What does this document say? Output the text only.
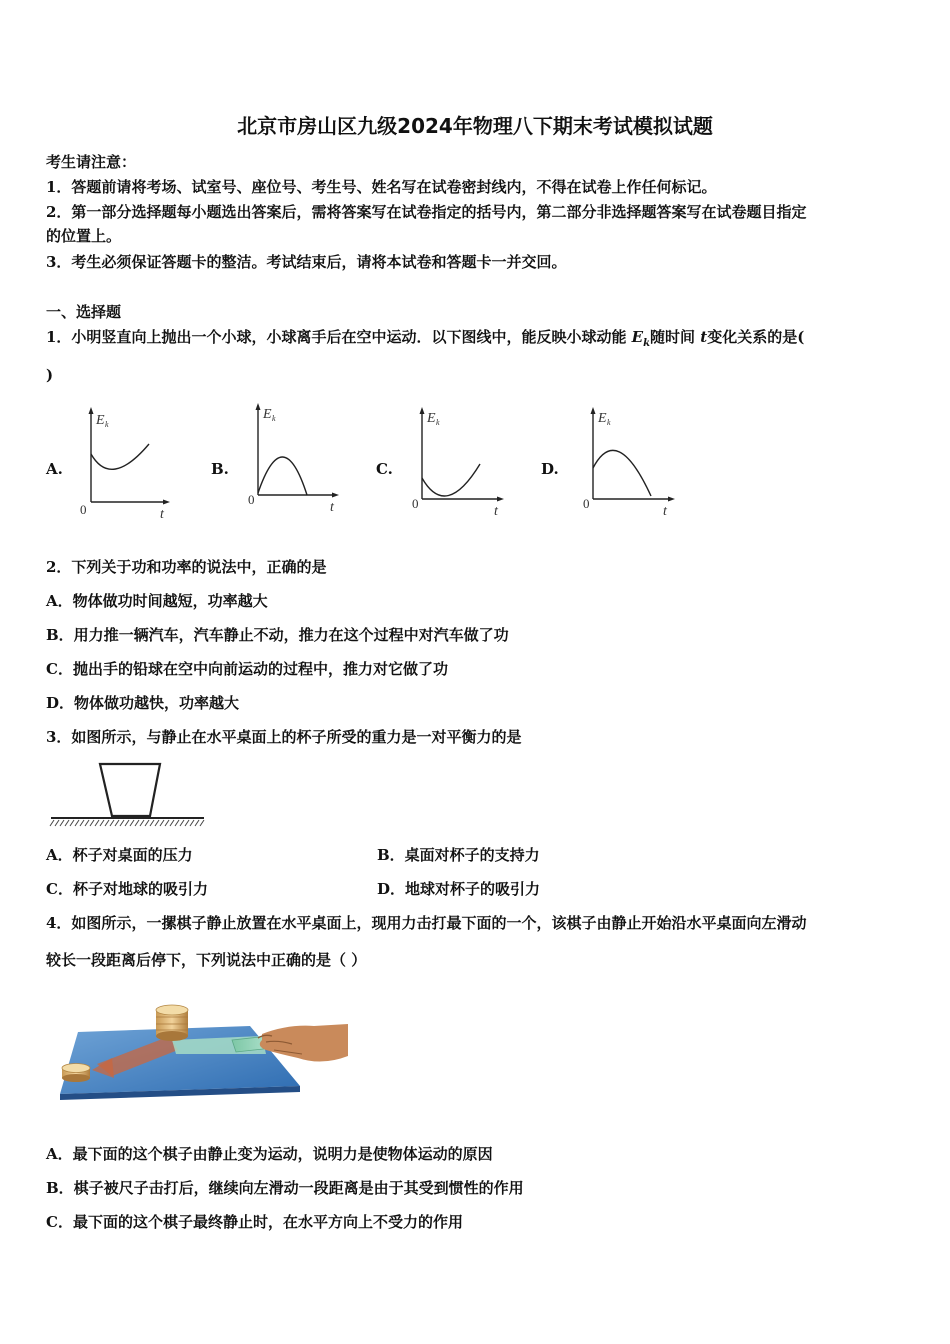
北京市房山区九级2024年物理八下期末考试模拟试题
考生请注意：
1．答题前请将考场、试室号、座位号、考生号、姓名写在试卷密封线内，不得在试卷上作任何标记。
2．第一部分选择题每小题选出答案后，需将答案写在试卷指定的括号内，第二部分非选择题答案写在试卷题目指定
的位置上。
3．考生必须保证答题卡的整洁。考试结束后，请将本试卷和答题卡一并交回。
一、选择题
1．小明竖直向上抛出一个小球，小球离手后在空中运动．以下图线中，能反映小球动能 $E_k$随时间 t变化关系的是(
)
A.	B.	C.	D.
E k
t
0
E k
t
0
E k
t
0
E k
t
0
2．下列关于功和功率的说法中，正确的是
A．物体做功时间越短，功率越大
B．用力推一辆汽车，汽车静止不动，推力在这个过程中对汽车做了功
C．抛出手的铅球在空中向前运动的过程中，推力对它做了功
D．物体做功越快，功率越大
3．如图所示，与静止在水平桌面上的杯子所受的重力是一对平衡力的是
A．杯子对桌面的压力	B．桌面对杯子的支持力
C．杯子对地球的吸引力	D．地球对杯子的吸引力
4．如图所示，一摞棋子静止放置在水平桌面上，现用力击打最下面的一个，该棋子由静止开始沿水平桌面向左滑动
较长一段距离后停下，下列说法中正确的是（ ）
A．最下面的这个棋子由静止变为运动，说明力是使物体运动的原因
B．棋子被尺子击打后，继续向左滑动一段距离是由于其受到惯性的作用
C．最下面的这个棋子最终静止时，在水平方向上不受力的作用
